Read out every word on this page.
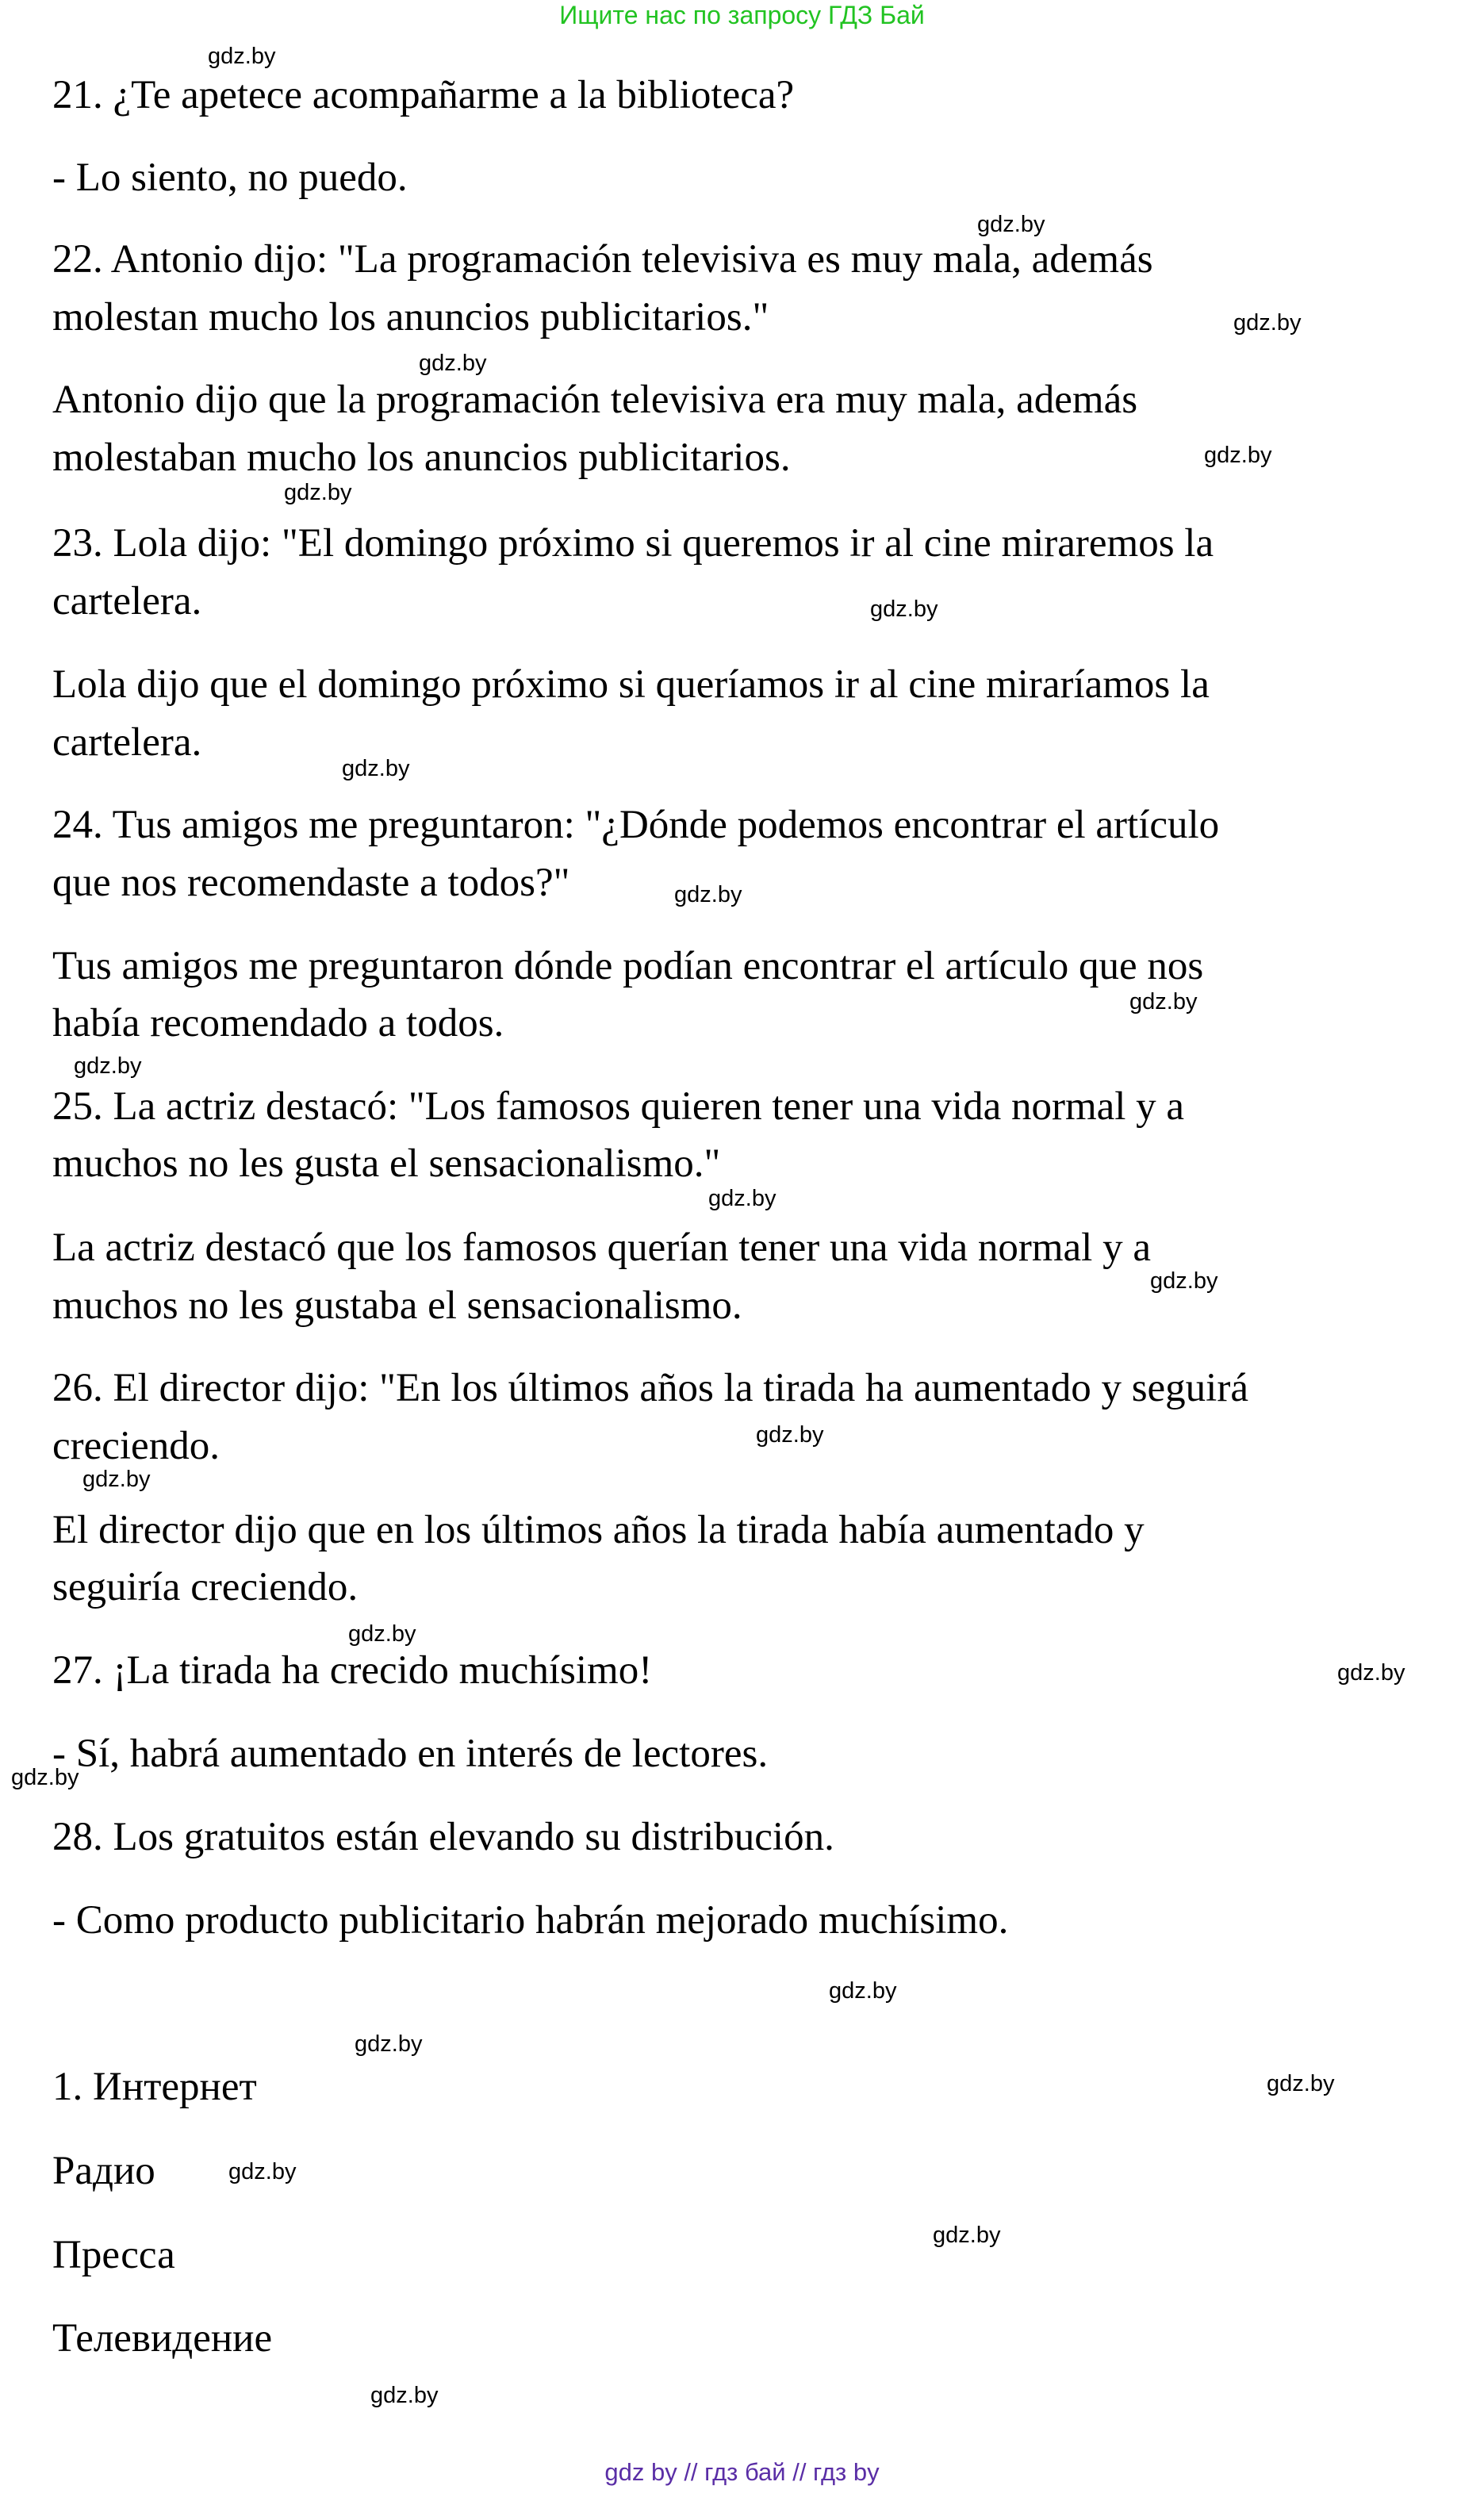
Ищите нас по запросу ГДЗ Бай
21. ¿Te apetece acompañarme a la biblioteca?
- Lo siento, no puedo.
22. Antonio dijo: "La programación televisiva es muy mala, además
molestan mucho los anuncios publicitarios."
Antonio dijo que la programación televisiva era muy mala, además
molestaban mucho los anuncios publicitarios.
23. Lola dijo: "El domingo próximo si queremos ir al cine miraremos la
cartelera.
Lola dijo que el domingo próximo si queríamos ir al cine miraríamos la
cartelera.
24. Tus amigos me preguntaron: "¿Dónde podemos encontrar el artículo
que nos recomendaste a todos?"
Tus amigos me preguntaron dónde podían encontrar el artículo que nos
había recomendado a todos.
25. La actriz destacó: "Los famosos quieren tener una vida normal y a
muchos no les gusta el sensacionalismo."
La actriz destacó que los famosos querían tener una vida normal y a
muchos no les gustaba el sensacionalismo.
26. El director dijo: "En los últimos años la tirada ha aumentado y seguirá
creciendo.
El director dijo que en los últimos años la tirada había aumentado y
seguiría creciendo.
27. ¡La tirada ha crecido muchísimo!
- Sí, habrá aumentado en interés de lectores.
28. Los gratuitos están elevando su distribución.
- Como producto publicitario habrán mejorado muchísimo.
1. Интернет
Радио
Пресса
Телевидение
gdz.by
gdz.by
gdz.by
gdz.by
gdz.by
gdz.by
gdz.by
gdz.by
gdz.by
gdz.by
gdz.by
gdz.by
gdz.by
gdz.by
gdz.by
gdz.by
gdz.by
gdz.by
gdz.by
gdz.by
gdz.by
gdz.by
gdz.by
gdz.by
gdz by // гдз бай // гдз by
